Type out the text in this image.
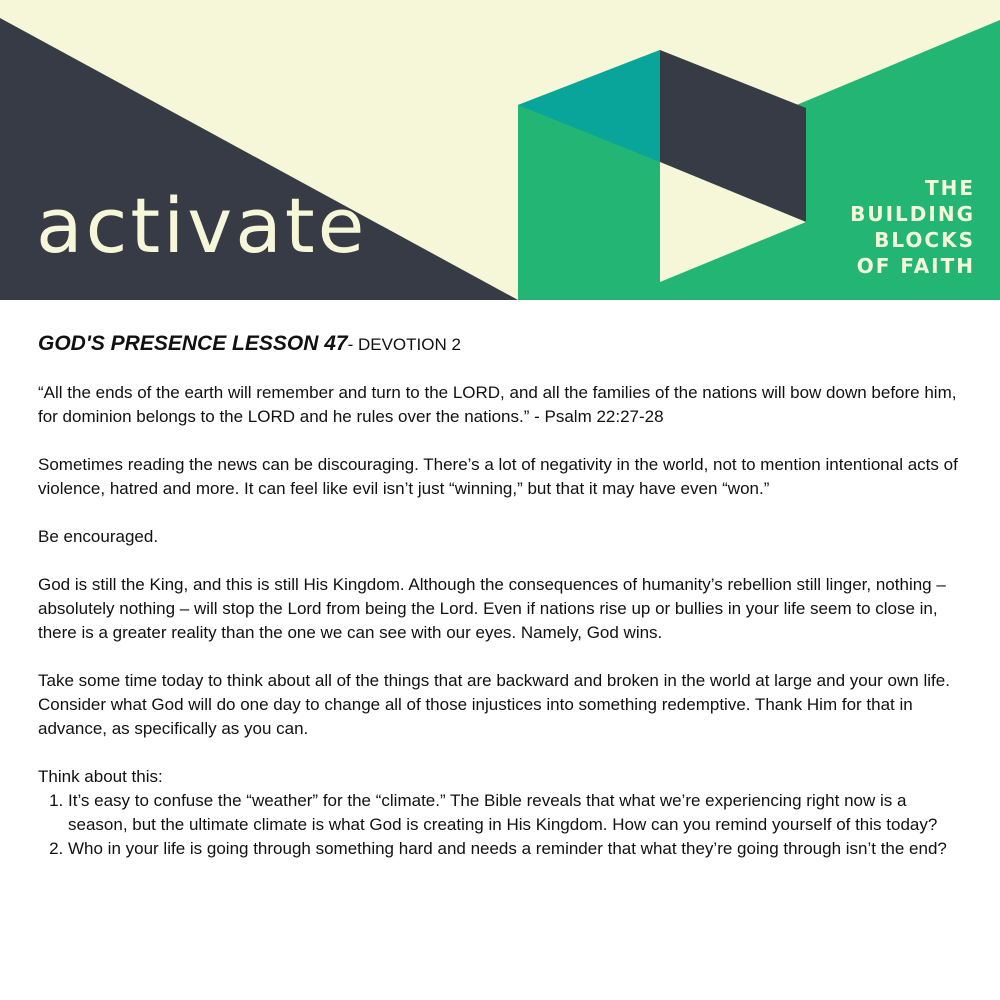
activate	THE
BUILDING
BLOCKS
OF FAITH
GOD'S PRESENCE LESSON 47- DEVOTION 2

“All the ends of the earth will remember and turn to the LORD, and all the families of the nations will bow down before him, for dominion belongs to the LORD and he rules over the nations.” - Psalm 22:27-28

Sometimes reading the news can be discouraging. There’s a lot of negativity in the world, not to mention intentional acts of violence, hatred and more. It can feel like evil isn’t just “winning,” but that it may have even “won.”

Be encouraged.

God is still the King, and this is still His Kingdom. Although the consequences of humanity’s rebellion still linger, nothing – absolutely nothing – will stop the Lord from being the Lord. Even if nations rise up or bullies in your life seem to close in, there is a greater reality than the one we can see with our eyes. Namely, God wins.

Take some time today to think about all of the things that are backward and broken in the world at large and your own life. Consider what God will do one day to change all of those injustices into something redemptive. Thank Him for that in advance, as specifically as you can.

Think about this:

1. It’s easy to confuse the “weather” for the “climate.” The Bible reveals that what we’re experiencing right now is a season, but the ultimate climate is what God is creating in His Kingdom. How can you remind yourself of this today?
2. Who in your life is going through something hard and needs a reminder that what they’re going through isn’t the end?
